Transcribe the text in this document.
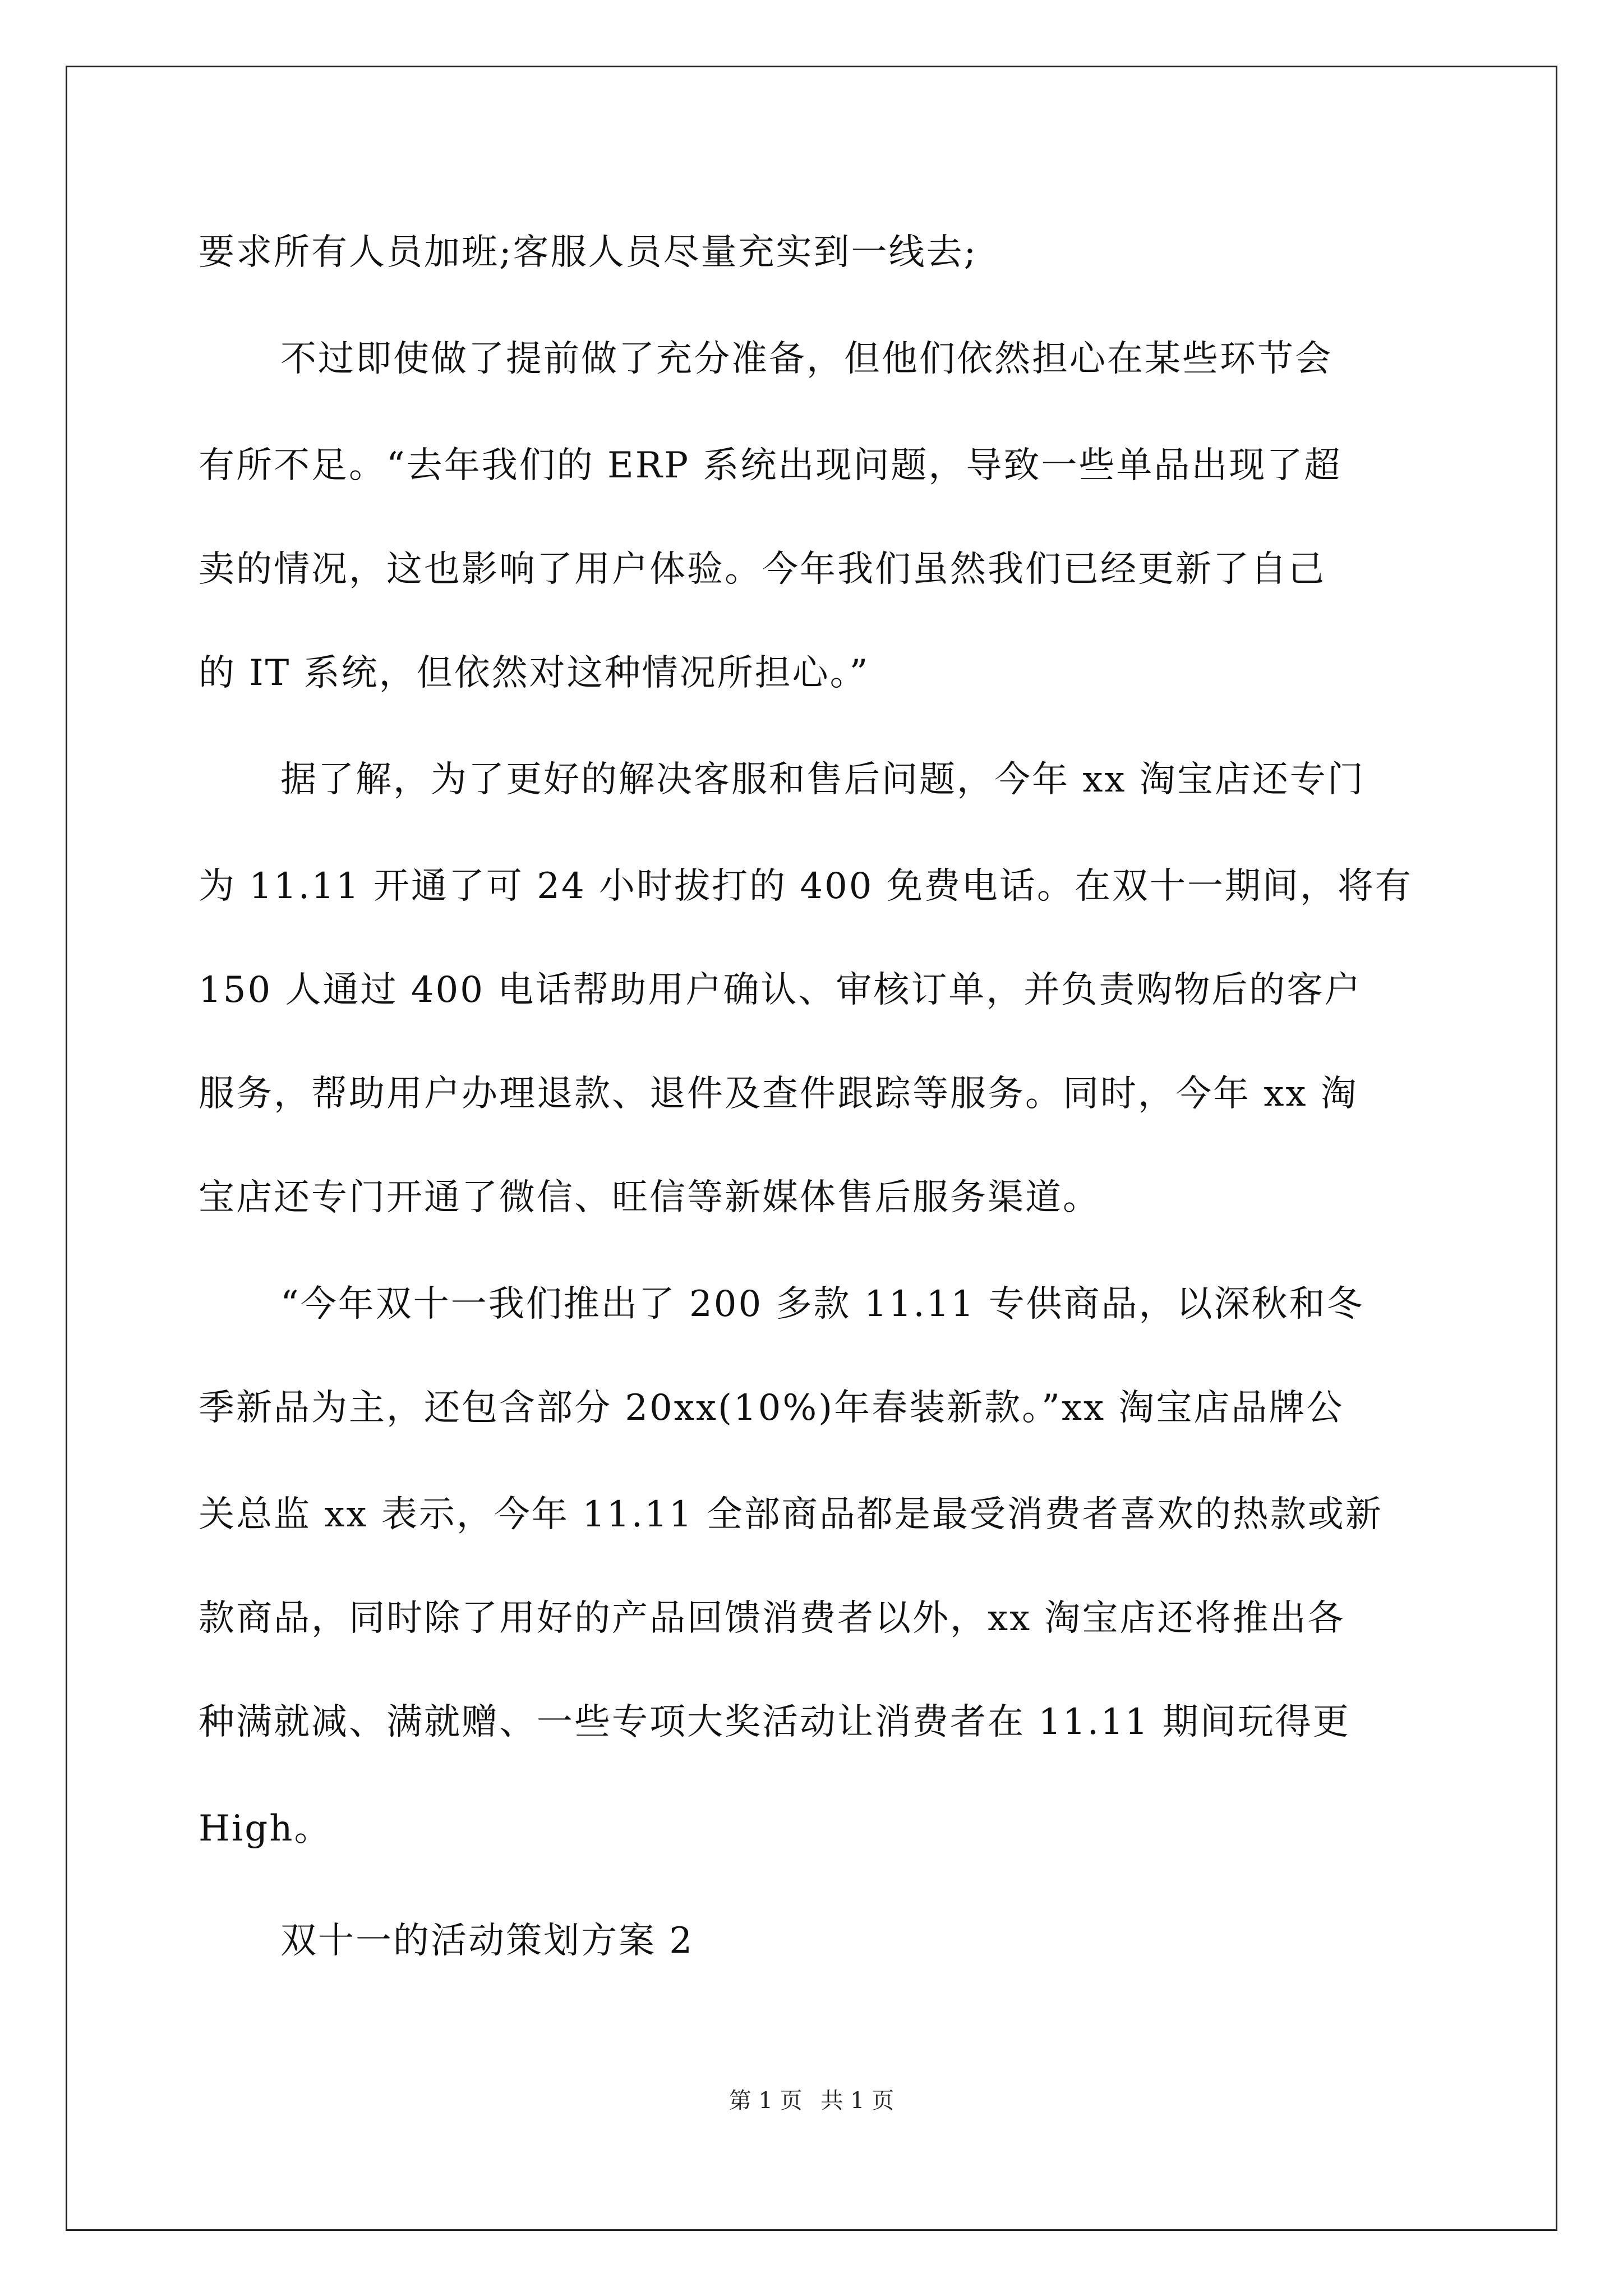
要求所有人员加班;客服人员尽量充实到一线去;
不过即使做了提前做了充分准备，但他们依然担心在某些环节会
有所不足。“去年我们的 ERP 系统出现问题，导致一些单品出现了超
卖的情况，这也影响了用户体验。今年我们虽然我们已经更新了自己
的 IT 系统，但依然对这种情况所担心。”
据了解，为了更好的解决客服和售后问题，今年 xx 淘宝店还专门
为 11.11 开通了可 24 小时拔打的 400 免费电话。在双十一期间，将有
150 人通过 400 电话帮助用户确认、审核订单，并负责购物后的客户
服务，帮助用户办理退款、退件及查件跟踪等服务。同时，今年 xx 淘
宝店还专门开通了微信、旺信等新媒体售后服务渠道。
“今年双十一我们推出了 200 多款 11.11 专供商品，以深秋和冬
季新品为主，还包含部分 20xx(10%)年春装新款。”xx 淘宝店品牌公
关总监 xx 表示，今年 11.11 全部商品都是最受消费者喜欢的热款或新
款商品，同时除了用好的产品回馈消费者以外，xx 淘宝店还将推出各
种满就减、满就赠、一些专项大奖活动让消费者在 11.11 期间玩得更
High。
双十一的活动策划方案 2
第 1 页 共 1 页
